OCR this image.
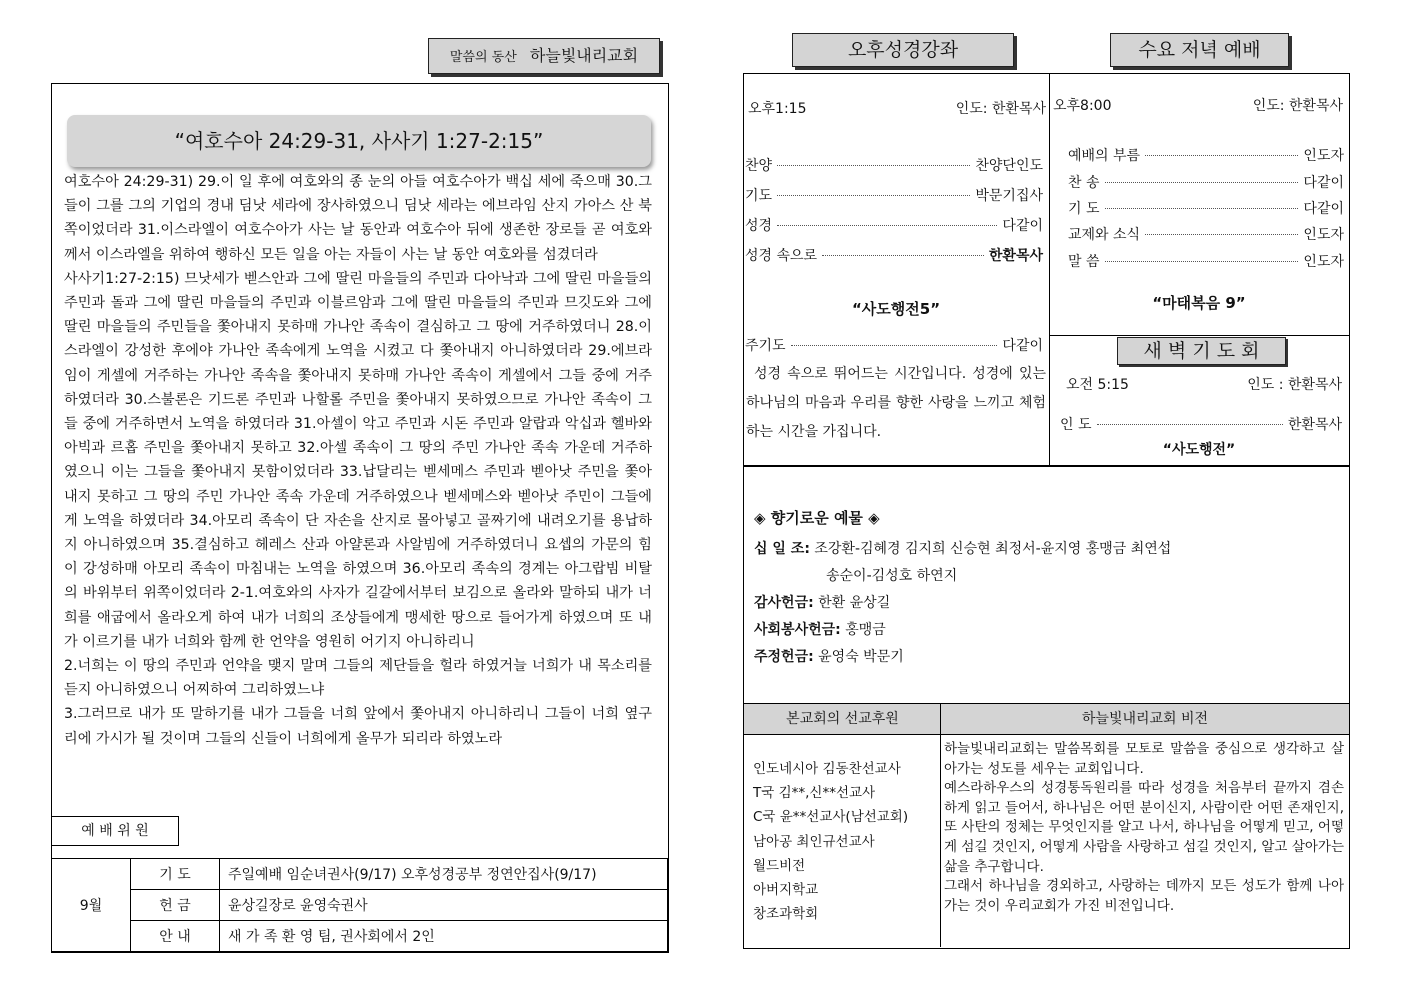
말씀의 동산 하늘빛내리교회
“여호수아 24:29-31, 사사기 1:27-2:15”

여호수아 24:29-31) 29.이 일 후에 여호와의 종 눈의 아들 여호수아가 백십 세에 죽으매 30.그들이 그를 그의 기업의 경내 딤낫 세라에 장사하였으니 딤낫 세라는 에브라임 산지 가아스 산 북쪽이었더라 31.이스라엘이 여호수아가 사는 날 동안과 여호수아 뒤에 생존한 장로들 곧 여호와께서 이스라엘을 위하여 행하신 모든 일을 아는 자들이 사는 날 동안 여호와를 섬겼더라

사사기1:27-2:15) 므낫세가 벧스안과 그에 딸린 마을들의 주민과 다아낙과 그에 딸린 마을들의 주민과 돌과 그에 딸린 마을들의 주민과 이블르암과 그에 딸린 마을들의 주민과 므깃도와 그에 딸린 마을들의 주민들을 쫓아내지 못하매 가나안 족속이 결심하고 그 땅에 거주하였더니 28.이스라엘이 강성한 후에야 가나안 족속에게 노역을 시켰고 다 쫓아내지 아니하였더라 29.에브라임이 게셀에 거주하는 가나안 족속을 쫓아내지 못하매 가나안 족속이 게셀에서 그들 중에 거주하였더라 30.스불론은 기드론 주민과 나할롤 주민을 쫓아내지 못하였으므로 가나안 족속이 그들 중에 거주하면서 노역을 하였더라 31.아셀이 악고 주민과 시돈 주민과 알랍과 악십과 헬바와 아빅과 르홉 주민을 쫓아내지 못하고 32.아셀 족속이 그 땅의 주민 가나안 족속 가운데 거주하였으니 이는 그들을 쫓아내지 못함이었더라 33.납달리는 벧세메스 주민과 벧아낫 주민을 쫓아내지 못하고 그 땅의 주민 가나안 족속 가운데 거주하였으나 벧세메스와 벧아낫 주민이 그들에게 노역을 하였더라 34.아모리 족속이 단 자손을 산지로 몰아넣고 골짜기에 내려오기를 용납하지 아니하였으며 35.결심하고 헤레스 산과 아얄론과 사알빔에 거주하였더니 요셉의 가문의 힘이 강성하매 아모리 족속이 마침내는 노역을 하였으며 36.아모리 족속의 경계는 아그랍빔 비탈의 바위부터 위쪽이었더라 2-1.여호와의 사자가 길갈에서부터 보김으로 올라와 말하되 내가 너희를 애굽에서 올라오게 하여 내가 너희의 조상들에게 맹세한 땅으로 들어가게 하였으며 또 내가 이르기를 내가 너희와 함께 한 언약을 영원히 어기지 아니하리니

2.너희는 이 땅의 주민과 언약을 맺지 말며 그들의 제단들을 헐라 하였거늘 너희가 내 목소리를 듣지 아니하였으니 어찌하여 그리하였느냐

3.그러므로 내가 또 말하기를 내가 그들을 너희 앞에서 쫓아내지 아니하리니 그들이 너희 옆구리에 가시가 될 것이며 그들의 신들이 너희에게 올무가 되리라 하였노라

예 배 위 원
9월	기 도	주일예배 임순녀권사(9/17) 오후성경공부 정연안집사(9/17)
	헌 금	윤상길장로 윤영숙권사
	안 내	새 가 족 환 영 팀, 권사회에서 2인
오후성경강좌	수요 저녁 예배
오후1:15	인도: 한환목사
찬양	찬양단인도
기도	박문기집사
성경	다같이
성경 속으로	한환목사
“사도행전5”
주기도	다같이
성경 속으로 뛰어드는 시간입니다. 성경에 있는 하나님의 마음과 우리를 향한 사랑을 느끼고 체험하는 시간을 가집니다.
오후8:00	인도: 한환목사
예배의 부름	인도자
찬 송	다같이
기 도	다같이
교제와 소식	인도자
말 씀	인도자
“마태복음 9”
새 벽 기 도 회
오전 5:15	인도 : 한환목사
인 도	한환목사
“사도행전”
◈ 향기로운 예물 ◈
십 일 조: 조강환-김혜경 김지희 신승현 최정서-윤지영 홍맹금 최연섭
송순이-김성호 하연지
감사헌금: 한환 윤상길
사회봉사헌금: 홍맹금
주정헌금: 윤영숙 박문기
본교회의 선교후원	하늘빛내리교회 비전
인도네시아 김동찬선교사
T국 김**,신**선교사
C국 윤**선교사(남선교회)
남아공 최인규선교사
월드비전
아버지학교
창조과학회

하늘빛내리교회는 말씀목회를 모토로 말씀을 중심으로 생각하고 살아가는 성도를 세우는 교회입니다.

예스라하우스의 성경통독원리를 따라 성경을 처음부터 끝까지 겸손하게 읽고 들어서, 하나님은 어떤 분이신지, 사람이란 어떤 존재인지, 또 사탄의 정체는 무엇인지를 알고 나서, 하나님을 어떻게 믿고, 어떻게 섬길 것인지, 어떻게 사람을 사랑하고 섬길 것인지, 알고 살아가는 삶을 추구합니다.

그래서 하나님을 경외하고, 사랑하는 데까지 모든 성도가 함께 나아가는 것이 우리교회가 가진 비전입니다.
